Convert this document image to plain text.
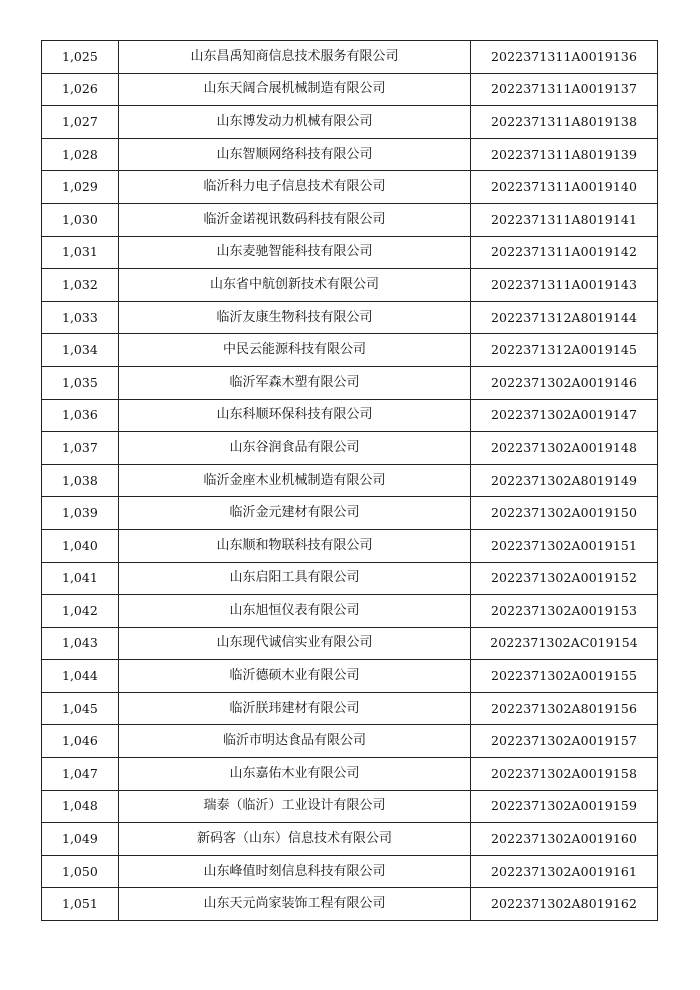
1,025	山东昌禹知商信息技术服务有限公司	2022371311A0019136
1,026	山东天阔合展机械制造有限公司	2022371311A0019137
1,027	山东博发动力机械有限公司	2022371311A8019138
1,028	山东智顺网络科技有限公司	2022371311A8019139
1,029	临沂科力电子信息技术有限公司	2022371311A0019140
1,030	临沂金诺视讯数码科技有限公司	2022371311A8019141
1,031	山东麦驰智能科技有限公司	2022371311A0019142
1,032	山东省中航创新技术有限公司	2022371311A0019143
1,033	临沂友康生物科技有限公司	2022371312A8019144
1,034	中民云能源科技有限公司	2022371312A0019145
1,035	临沂军森木塑有限公司	2022371302A0019146
1,036	山东科顺环保科技有限公司	2022371302A0019147
1,037	山东谷润食品有限公司	2022371302A0019148
1,038	临沂金座木业机械制造有限公司	2022371302A8019149
1,039	临沂金元建材有限公司	2022371302A0019150
1,040	山东顺和物联科技有限公司	2022371302A0019151
1,041	山东启阳工具有限公司	2022371302A0019152
1,042	山东旭恒仪表有限公司	2022371302A0019153
1,043	山东现代诚信实业有限公司	2022371302AC019154
1,044	临沂德硕木业有限公司	2022371302A0019155
1,045	临沂朕玮建材有限公司	2022371302A8019156
1,046	临沂市明达食品有限公司	2022371302A0019157
1,047	山东嘉佑木业有限公司	2022371302A0019158
1,048	瑞泰（临沂）工业设计有限公司	2022371302A0019159
1,049	新码客（山东）信息技术有限公司	2022371302A0019160
1,050	山东峰值时刻信息科技有限公司	2022371302A0019161
1,051	山东天元尚家装饰工程有限公司	2022371302A8019162
